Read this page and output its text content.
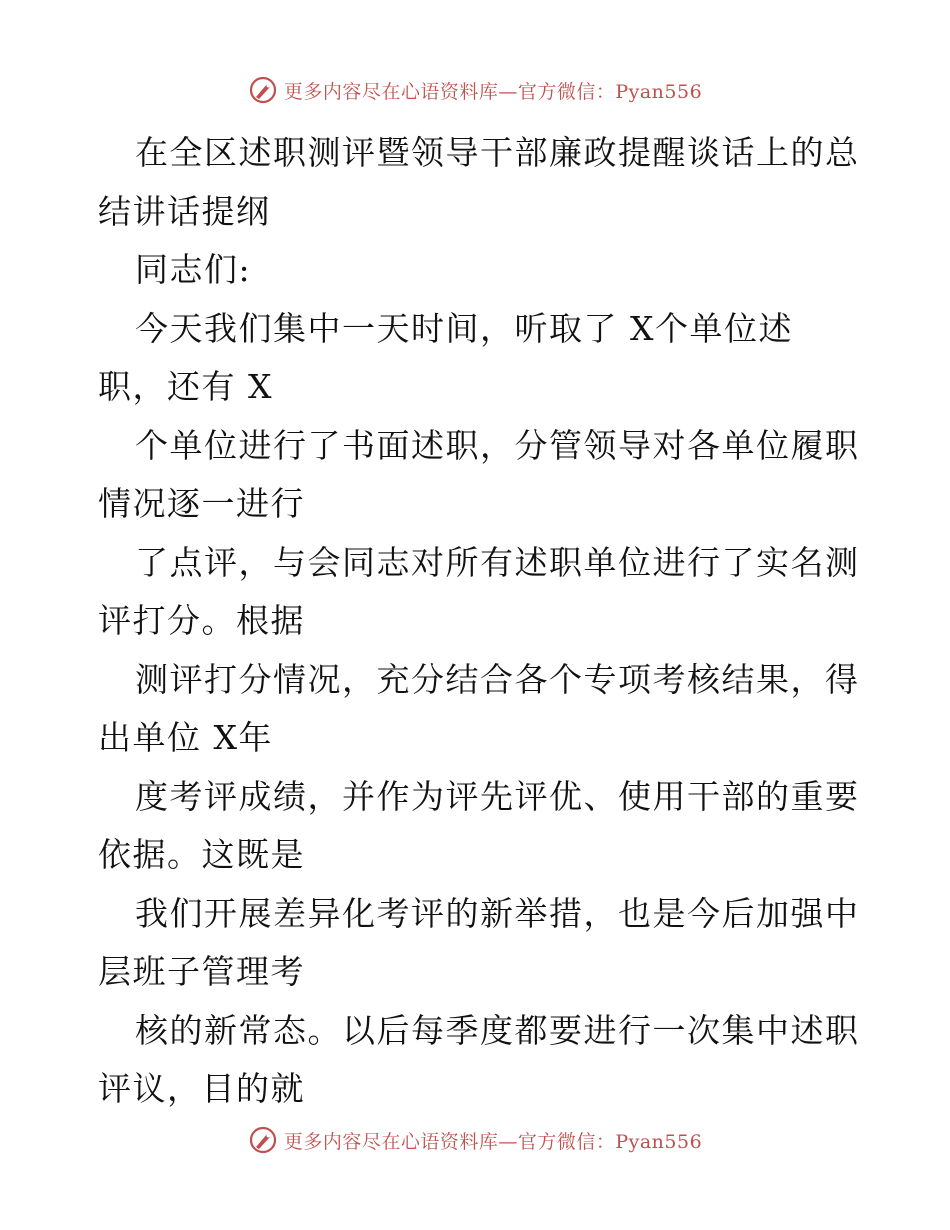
更多内容尽在心语资料库—官方微信：Pyan556
在全区述职测评暨领导干部廉政提醒谈话上的总
结讲话提纲
同志们:
今天我们集中一天时间，听取了 X个单位述
职，还有 X
个单位进行了书面述职，分管领导对各单位履职
情况逐一进行
了点评，与会同志对所有述职单位进行了实名测
评打分。根据
测评打分情况，充分结合各个专项考核结果，得
出单位 X年
度考评成绩，并作为评先评优、使用干部的重要
依据。这既是
我们开展差异化考评的新举措，也是今后加强中
层班子管理考
核的新常态。以后每季度都要进行一次集中述职
评议，目的就
更多内容尽在心语资料库—官方微信：Pyan556
